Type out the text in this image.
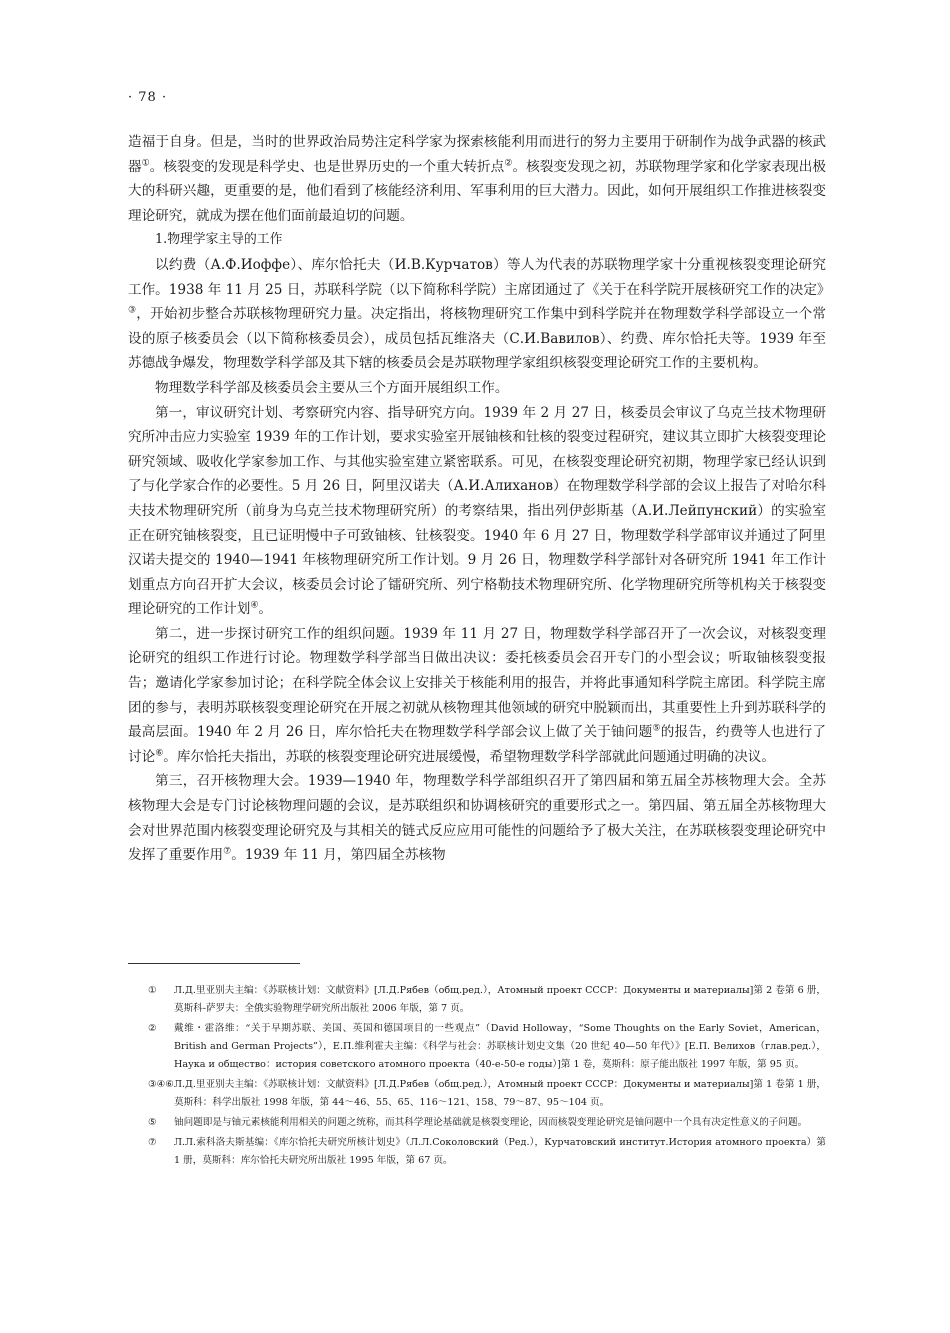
· 78 ·

造福于自身。但是，当时的世界政治局势注定科学家为探索核能利用而进行的努力主要用于研制作为战争武器的核武器①。核裂变的发现是科学史、也是世界历史的一个重大转折点②。核裂变发现之初，苏联物理学家和化学家表现出极大的科研兴趣，更重要的是，他们看到了核能经济利用、军事利用的巨大潜力。因此，如何开展组织工作推进核裂变理论研究，就成为摆在他们面前最迫切的问题。

1.物理学家主导的工作

以约费（А.Ф.Иоффе）、库尔恰托夫（И.В.Курчатов）等人为代表的苏联物理学家十分重视核裂变理论研究工作。1938 年 11 月 25 日，苏联科学院（以下简称科学院）主席团通过了《关于在科学院开展核研究工作的决定》③，开始初步整合苏联核物理研究力量。决定指出，将核物理研究工作集中到科学院并在物理数学科学部设立一个常设的原子核委员会（以下简称核委员会），成员包括瓦维洛夫（С.И.Вавилов）、约费、库尔恰托夫等。1939 年至苏德战争爆发，物理数学科学部及其下辖的核委员会是苏联物理学家组织核裂变理论研究工作的主要机构。

物理数学科学部及核委员会主要从三个方面开展组织工作。

第一，审议研究计划、考察研究内容、指导研究方向。1939 年 2 月 27 日，核委员会审议了乌克兰技术物理研究所冲击应力实验室 1939 年的工作计划，要求实验室开展铀核和钍核的裂变过程研究，建议其立即扩大核裂变理论研究领域、吸收化学家参加工作、与其他实验室建立紧密联系。可见，在核裂变理论研究初期，物理学家已经认识到了与化学家合作的必要性。5 月 26 日，阿里汉诺夫（А.И.Алиханов）在物理数学科学部的会议上报告了对哈尔科夫技术物理研究所（前身为乌克兰技术物理研究所）的考察结果，指出列伊彭斯基（А.И.Лейпунский）的实验室正在研究铀核裂变，且已证明慢中子可致铀核、钍核裂变。1940 年 6 月 27 日，物理数学科学部审议并通过了阿里汉诺夫提交的 1940—1941 年核物理研究所工作计划。9 月 26 日，物理数学科学部针对各研究所 1941 年工作计划重点方向召开扩大会议，核委员会讨论了镭研究所、列宁格勒技术物理研究所、化学物理研究所等机构关于核裂变理论研究的工作计划④。

第二，进一步探讨研究工作的组织问题。1939 年 11 月 27 日，物理数学科学部召开了一次会议，对核裂变理论研究的组织工作进行讨论。物理数学科学部当日做出决议：委托核委员会召开专门的小型会议；听取铀核裂变报告；邀请化学家参加讨论；在科学院全体会议上安排关于核能利用的报告，并将此事通知科学院主席团。科学院主席团的参与，表明苏联核裂变理论研究在开展之初就从核物理其他领域的研究中脱颖而出，其重要性上升到苏联科学的最高层面。1940 年 2 月 26 日，库尔恰托夫在物理数学科学部会议上做了关于铀问题⑤的报告，约费等人也进行了讨论⑥。库尔恰托夫指出，苏联的核裂变理论研究进展缓慢，希望物理数学科学部就此问题通过明确的决议。

第三，召开核物理大会。1939—1940 年，物理数学科学部组织召开了第四届和第五届全苏核物理大会。全苏核物理大会是专门讨论核物理问题的会议，是苏联组织和协调核研究的重要形式之一。第四届、第五届全苏核物理大会对世界范围内核裂变理论研究及与其相关的链式反应应用可能性的问题给予了极大关注，在苏联核裂变理论研究中发挥了重要作用⑦。1939 年 11 月，第四届全苏核物

①	Л.Д.里亚别夫主编：《苏联核计划：文献资料》[Л.Д.Рябев（общ.ред.），Атомный проект СССР：Документы и материалы]第 2 卷第 6 册，莫斯科-萨罗夫：全俄实验物理学研究所出版社 2006 年版，第 7 页。
②	戴维・霍洛维：“关于早期苏联、美国、英国和德国项目的一些观点”（David Holloway，“Some Thoughts on the Early Soviet，American，British and German Projects”），Е.П.维利霍夫主编：《科学与社会：苏联核计划史文集（20 世纪 40—50 年代）》[Е.П. Велихов（глав.ред.），Наука и общество：история советского атомного проекта（40-е-50-е годы）]第 1 卷，莫斯科：原子能出版社 1997 年版，第 95 页。
③④⑥ Л.Д.里亚别夫主编：《苏联核计划：文献资料》[Л.Д.Рябев（общ.ред.），Атомный проект СССР：Документы и материалы]第 1 卷第 1 册，莫斯科：科学出版社 1998 年版，第 44～46、55、65、116～121、158、79～87、95～104 页。
⑤	铀问题即是与铀元素核能利用相关的问题之统称，而其科学理论基础就是核裂变理论，因而核裂变理论研究是铀问题中一个具有决定性意义的子问题。
⑦	Л.Л.索科洛夫斯基编：《库尔恰托夫研究所核计划史》（Л.Л.Соколовский（Ред.），Курчатовский институт.История атомного проекта）第 1 册，莫斯科：库尔恰托夫研究所出版社 1995 年版，第 67 页。
